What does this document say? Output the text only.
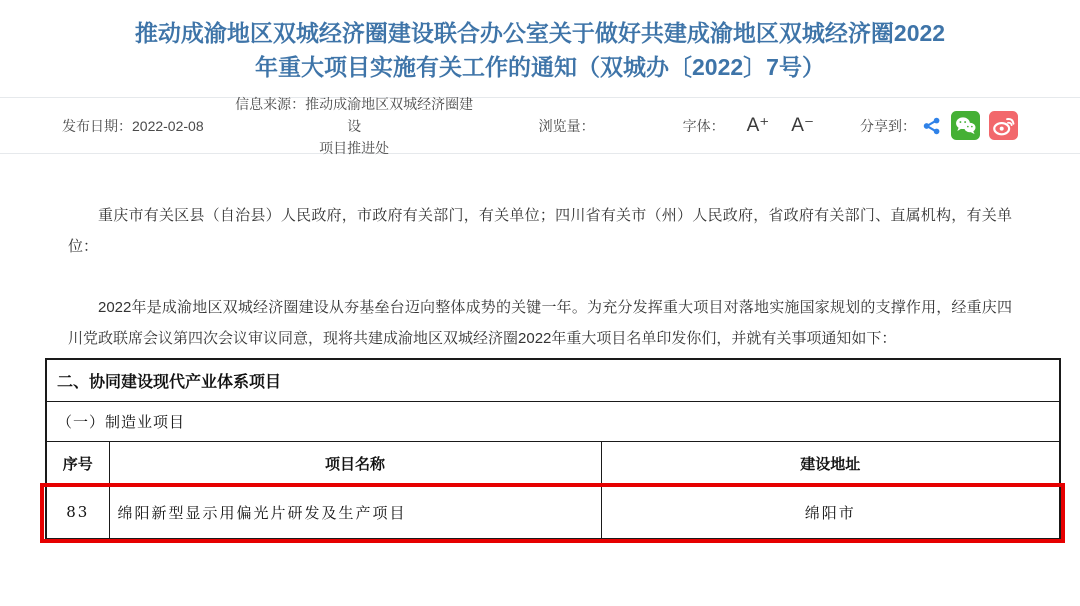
推动成渝地区双城经济圈建设联合办公室关于做好共建成渝地区双城经济圈2022
年重大项目实施有关工作的通知（双城办〔2022〕7号）
发布日期： 2022-02-08
信息来源：推动成渝地区双城经济圈建设
项目推进处
浏览量：	字体： A⁺ A⁻	分享到：

重庆市有关区县（自治县）人民政府，市政府有关部门，有关单位；四川省有关市（州）人民政府，省政府有关部门、直属机构，有关单位：

2022年是成渝地区双城经济圈建设从夯基垒台迈向整体成势的关键一年。为充分发挥重大项目对落地实施国家规划的支撑作用，经重庆四川党政联席会议第四次会议审议同意，现将共建成渝地区双城经济圈2022年重大项目名单印发你们，并就有关事项通知如下：

二、协同建设现代产业体系项目		
（一）制造业项目		
序号	项目名称	建设地址
83	绵阳新型显示用偏光片研发及生产项目	绵阳市
